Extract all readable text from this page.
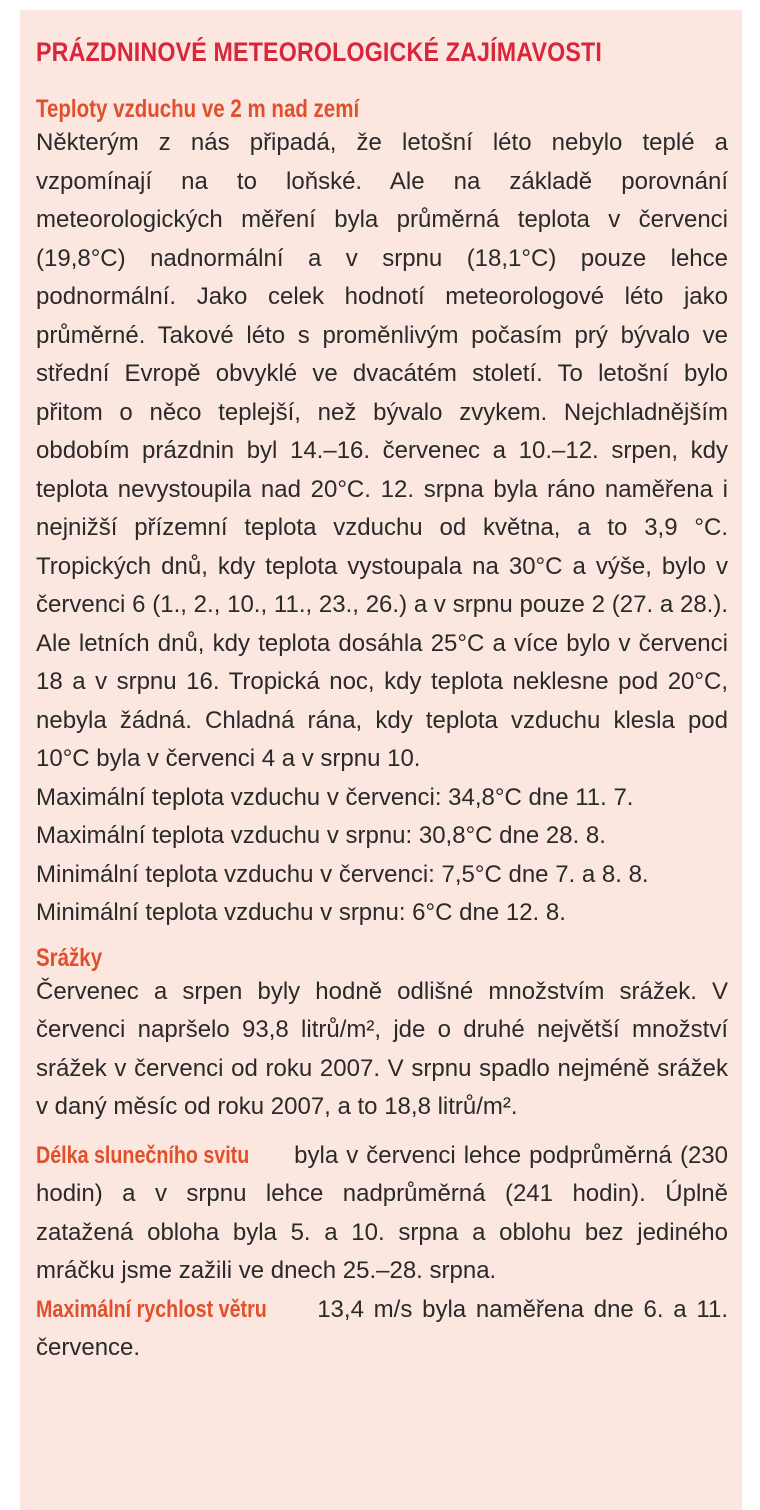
PRÁZDNINOVÉ METEOROLOGICKÉ ZAJÍMAVOSTI
Teploty vzduchu ve 2 m nad zemí

Některým z nás připadá, že letošní léto nebylo teplé a vzpomínají na to loňské. Ale na základě porovnání meteorologických měření byla průměrná teplota v červenci (19,8°C) nadnormální a v srpnu (18,1°C) pouze lehce podnormální. Jako celek hodnotí meteorologové léto jako průměrné. Takové léto s proměnlivým počasím prý bývalo ve střední Evropě obvyklé ve dvacátém století. To letošní bylo přitom o něco teplejší, než bývalo zvykem. Nejchladnějším obdobím prázdnin byl 14.–16. červenec a 10.–12. srpen, kdy teplota nevystoupila nad 20°C. 12. srpna byla ráno naměřena i nejnižší přízemní teplota vzduchu od května, a to 3,9 °C. Tropických dnů, kdy teplota vystoupala na 30°C a výše, bylo v červenci 6 (1., 2., 10., 11., 23., 26.) a v srpnu pouze 2 (27. a 28.). Ale letních dnů, kdy teplota dosáhla 25°C a více bylo v červenci 18 a v srpnu 16. Tropická noc, kdy teplota neklesne pod 20°C, nebyla žádná. Chladná rána, kdy teplota vzduchu klesla pod 10°C byla v červenci 4 a v srpnu 10.

Maximální teplota vzduchu v červenci: 34,8°C dne 11. 7.

Maximální teplota vzduchu v srpnu: 30,8°C dne 28. 8.

Minimální teplota vzduchu v červenci: 7,5°C dne 7. a 8. 8.

Minimální teplota vzduchu v srpnu: 6°C dne 12. 8.

Srážky

Červenec a srpen byly hodně odlišné množstvím srážek. V červenci napršelo 93,8 litrů/m², jde o druhé největší množství srážek v červenci od roku 2007. V srpnu spadlo nejméně srážek v daný měsíc od roku 2007, a to 18,8 litrů/m².

Délka slunečního svitu byla v červenci lehce podprůměrná (230 hodin) a v srpnu lehce nadprůměrná (241 hodin). Úplně zatažená obloha byla 5. a 10. srpna a oblohu bez jediného mráčku jsme zažili ve dnech 25.–28. srpna.

Maximální rychlost větru 13,4 m/s byla naměřena dne 6. a 11. července.
